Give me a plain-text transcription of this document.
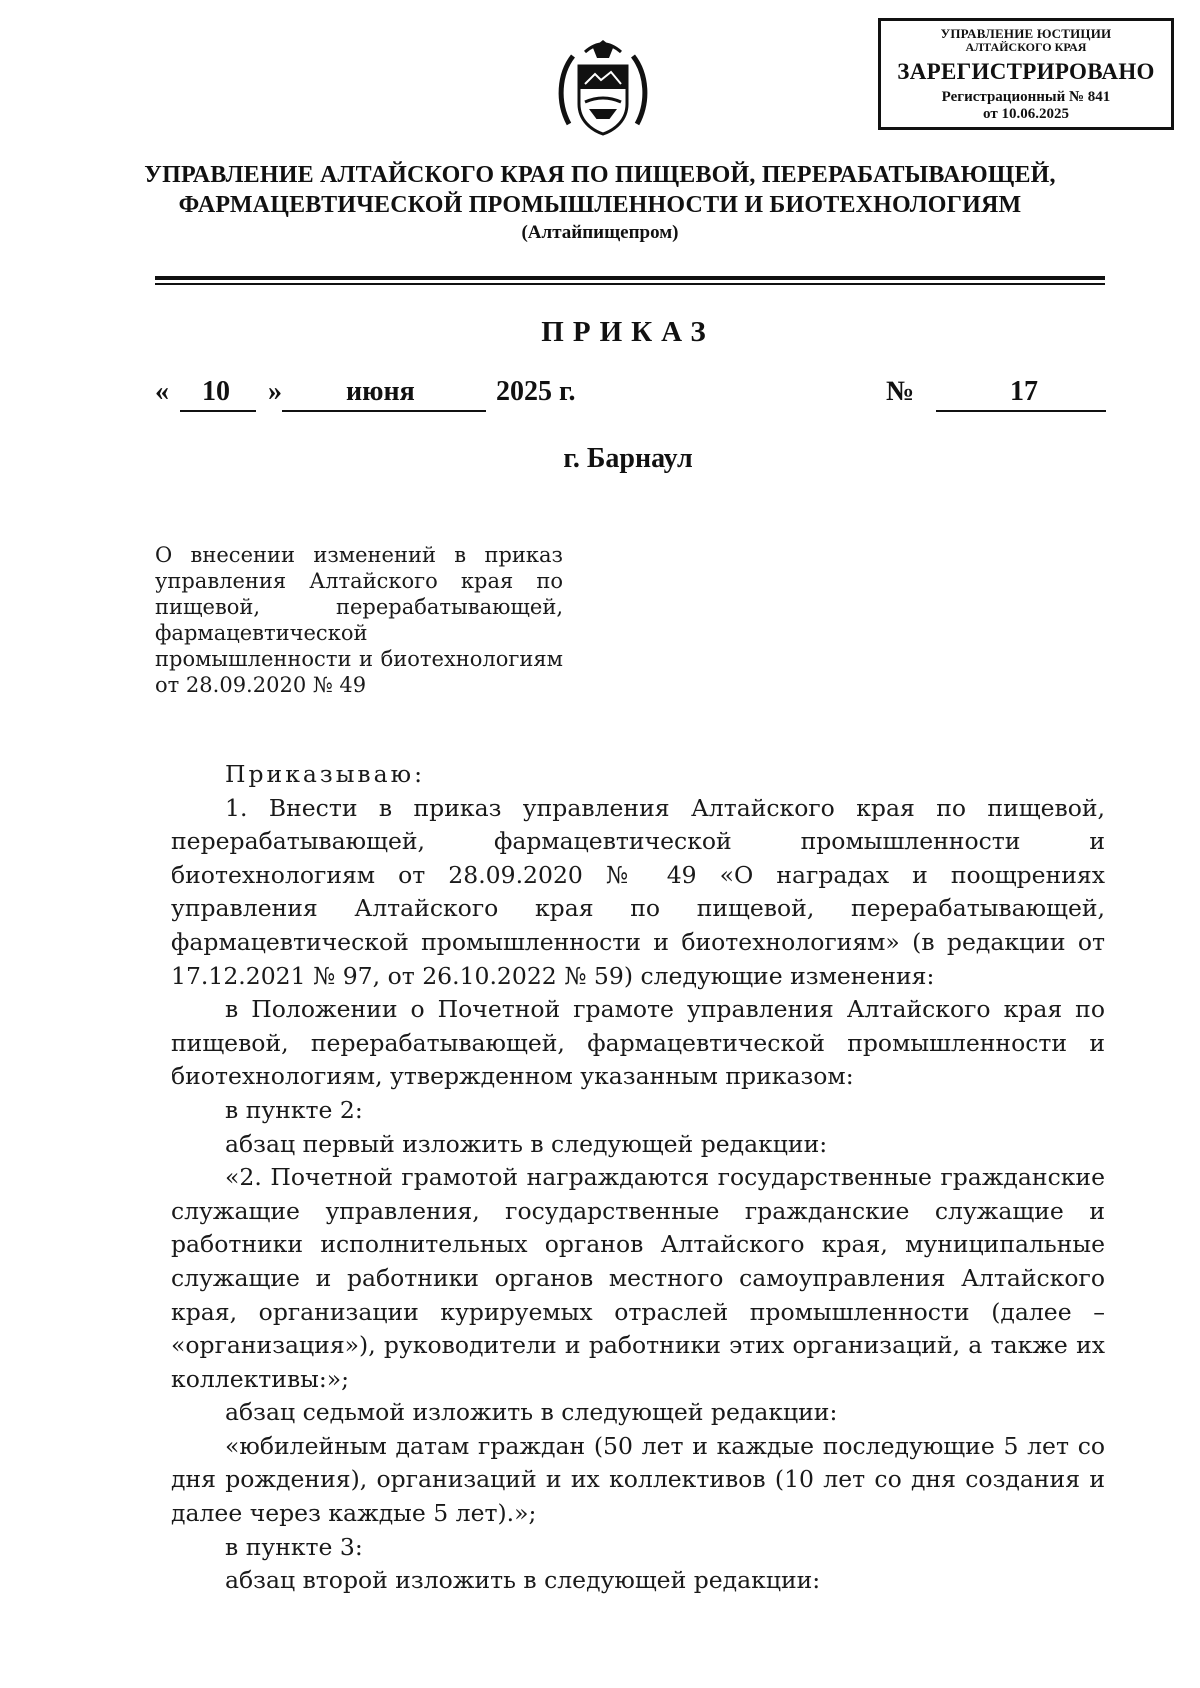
УПРАВЛЕНИЕ ЮСТИЦИИ
АЛТАЙСКОГО КРАЯ
ЗАРЕГИСТРИРОВАНО
Регистрационный № 841
от 10.06.2025
УПРАВЛЕНИЕ АЛТАЙСКОГО КРАЯ ПО ПИЩЕВОЙ, ПЕРЕРАБАТЫВАЮЩЕЙ,
ФАРМАЦЕВТИЧЕСКОЙ ПРОМЫШЛЕННОСТИ И БИОТЕХНОЛОГИЯМ
(Алтайпищепром)
ПРИКАЗ
« 10 » июня	2025 г.	№	17
г. Барнаул
О внесении изменений в приказ управления Алтайского края по пищевой, перерабатывающей, фармацевтической промышленности и биотехнологиям от 28.09.2020 № 49

Приказываю:

1. Внести в приказ управления Алтайского края по пищевой, перерабатывающей, фармацевтической промышленности и биотехнологиям от 28.09.2020 № 49 «О наградах и поощрениях управления Алтайского края по пищевой, перерабатывающей, фармацевтической промышленности и биотехнологиям» (в редакции от 17.12.2021 № 97, от 26.10.2022 № 59) следующие изменения:

в Положении о Почетной грамоте управления Алтайского края по пищевой, перерабатывающей, фармацевтической промышленности и биотехнологиям, утвержденном указанным приказом:

в пункте 2:

абзац первый изложить в следующей редакции:

«2. Почетной грамотой награждаются государственные гражданские служащие управления, государственные гражданские служащие и работники исполнительных органов Алтайского края, муниципальные служащие и работники органов местного самоуправления Алтайского края, организации курируемых отраслей промышленности (далее – «организация»), руководители и работники этих организаций, а также их коллективы:»;

абзац седьмой изложить в следующей редакции:

«юбилейным датам граждан (50 лет и каждые последующие 5 лет со дня рождения), организаций и их коллективов (10 лет со дня создания и далее через каждые 5 лет).»;

в пункте 3:

абзац второй изложить в следующей редакции:
